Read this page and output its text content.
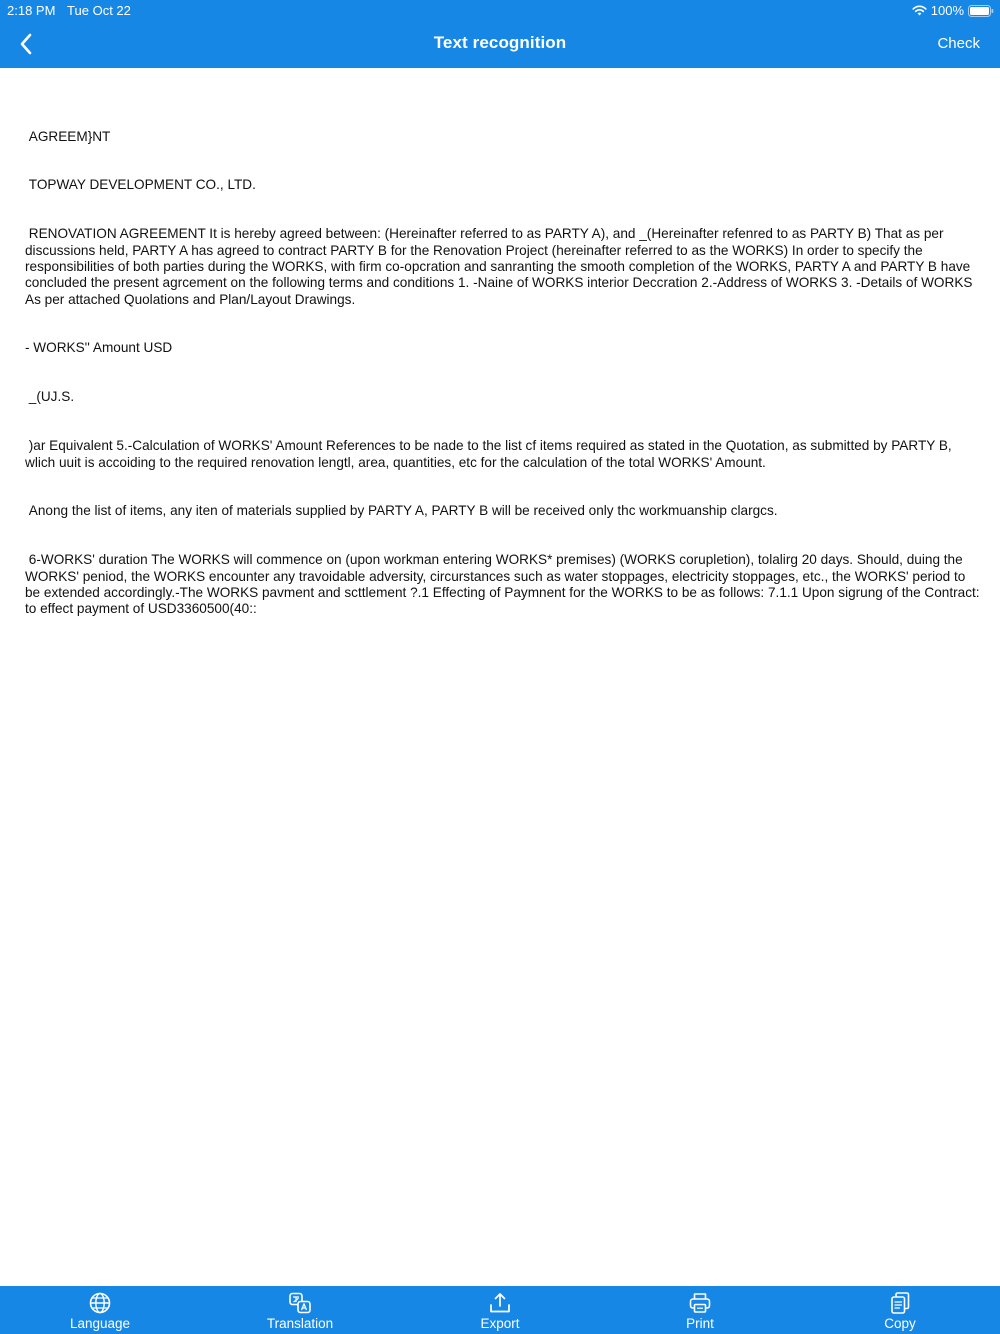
2:18 PM Tue Oct 22	100%
Text recognition	Check

AGREEM}NT

TOPWAY DEVELOPMENT CO., LTD.

RENOVATION AGREEMENT It is hereby agreed between: (Hereinafter referred to as PARTY A), and _(Hereinafter refenred to as PARTY B) That as per discussions held, PARTY A has agreed to contract PARTY B for the Renovation Project (hereinafter referred to as the WORKS) In order to specify the responsibilities of both parties during the WORKS, with firm co-opcration and sanranting the smooth completion of the WORKS, PARTY A and PARTY B have concluded the present agrcement on the following terms and conditions 1. -Naine of WORKS interior Deccration 2.-Address of WORKS 3. -Details of WORKS As per attached Quolations and Plan/Layout Drawings.

- WORKS'' Amount USD

_(UJ.S.

)ar Equivalent 5.-Calculation of WORKS' Amount References to be nade to the list cf items required as stated in the Quotation, as submitted by PARTY B, wlich uuit is accoiding to the required renovation lengtl, area, quantities, etc for the calculation of the total WORKS' Amount.

Anong the list of items, any iten of materials supplied by PARTY A, PARTY B will be received only thc workmuanship clargcs.

6-WORKS' duration The WORKS will commence on (upon workman entering WORKS* premises) (WORKS corupletion), tolalirg 20 days. Should, duing the WORKS' peniod, the WORKS encounter any travoidable adversity, circurstances such as water stoppages, electricity stoppages, etc., the WORKS' period to be extended accordingly.-The WORKS pavment and scttlement ?.1 Effecting of Paymnent for the WORKS to be as follows: 7.1.1 Upon sigrung of the Contract: to effect payment of USD3360500(40::

Language	Translation	Export	Print	Copy
